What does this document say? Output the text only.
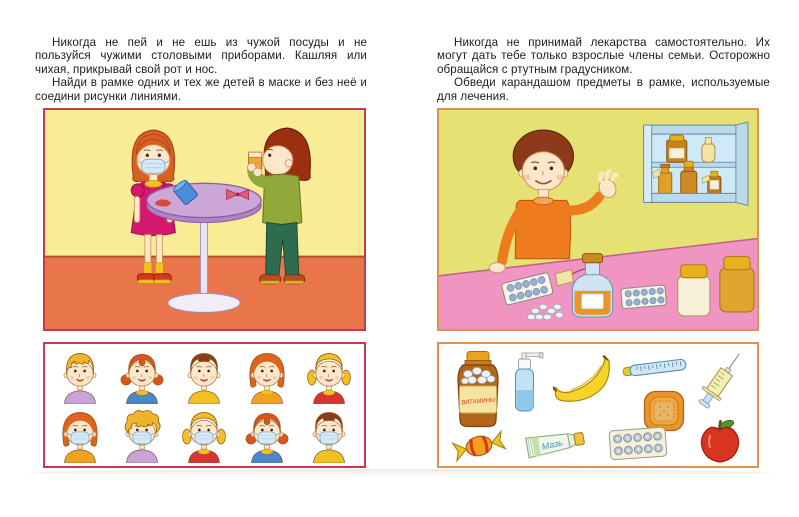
Никогда не пей и не ешь из чужой посуды и не пользуйся чужими столовыми приборами. Кашляя или чихая, прикрывай свой рот и нос.

Найди в рамке одних и тех же детей в маске и без неё и соедини рисунки линиями.

Никогда не принимай лекарства самостоятельно. Их могут дать тебе только взрослые члены семьи. Осторожно обращайся с ртутным градусником.

Обведи карандашом предметы в рамке, используемые для лечения.

ВИТАМИНЫ
Мазь
